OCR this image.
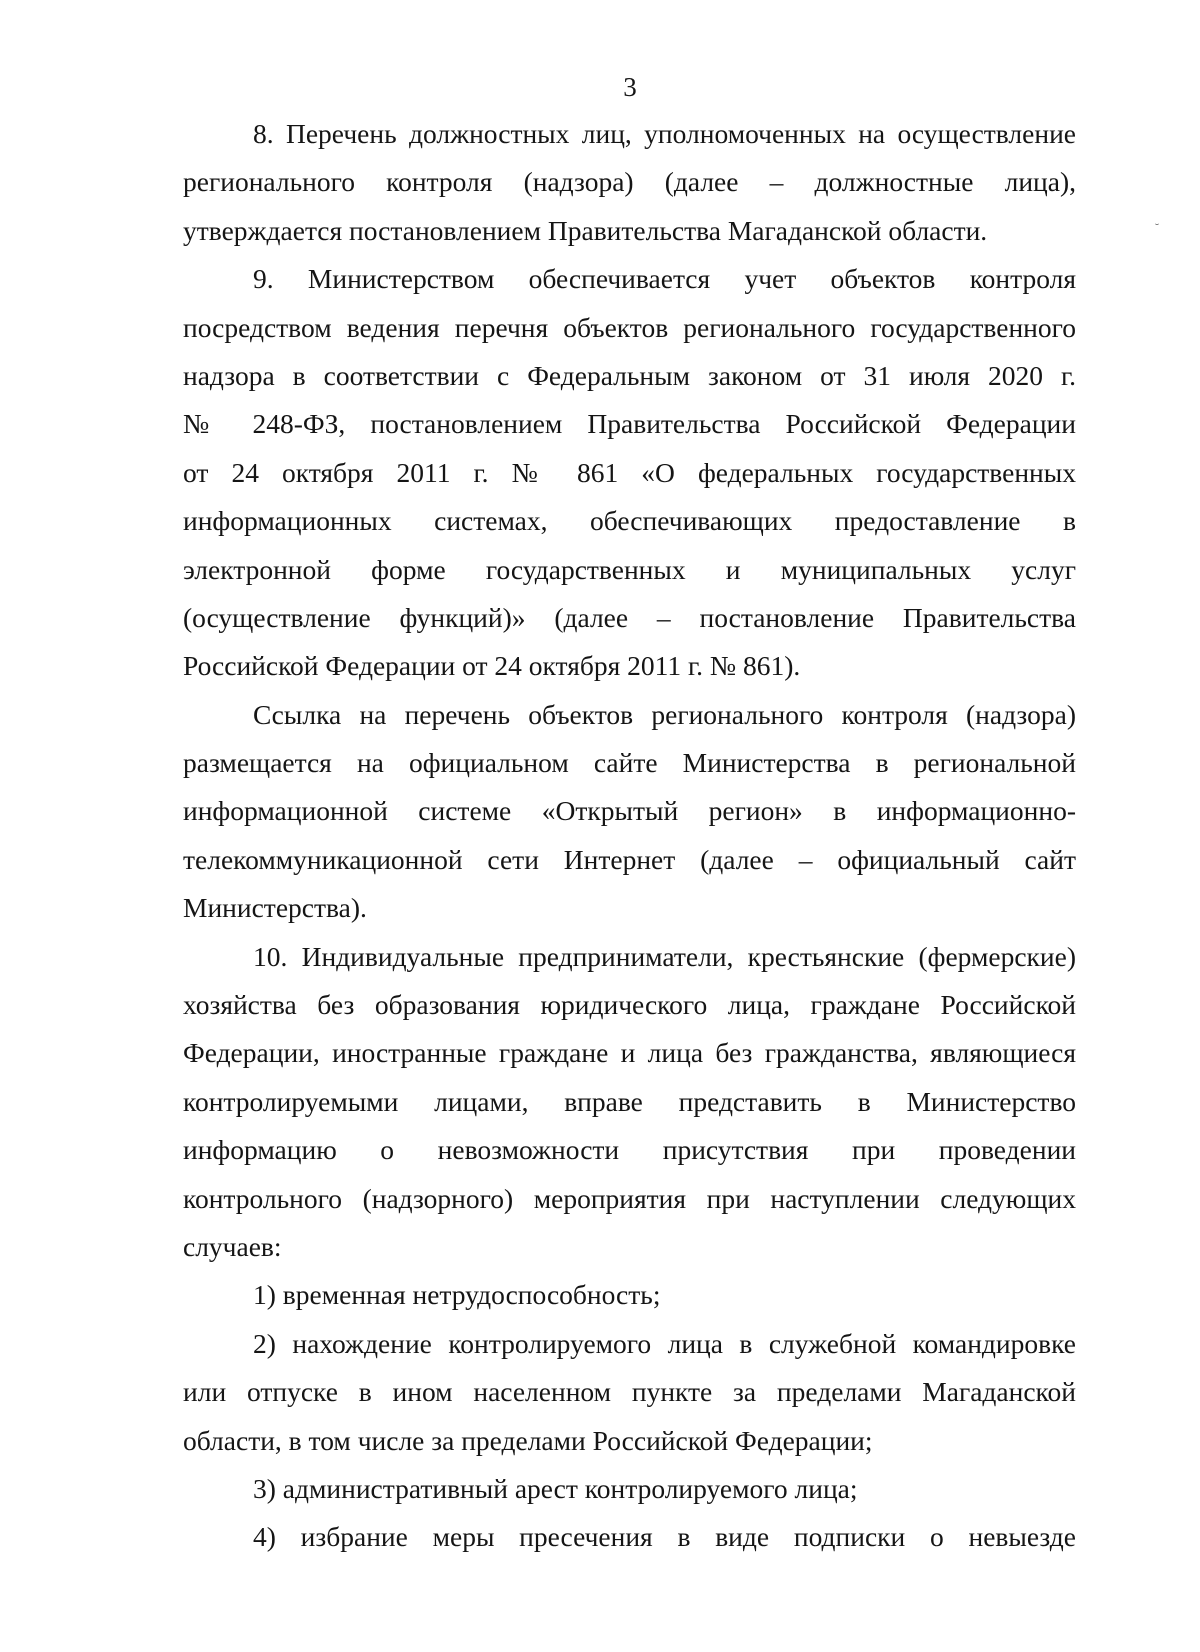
3

8. Перечень должностных лиц, уполномоченных на осуществление
регионального контроля (надзора) (далее – должностные лица),
утверждается постановлением Правительства Магаданской области.

9. Министерством обеспечивается учет объектов контроля
посредством ведения перечня объектов регионального государственного
надзора в соответствии с Федеральным законом от 31 июля 2020 г.
№ 248-ФЗ, постановлением Правительства Российской Федерации
от 24 октября 2011 г. № 861 «О федеральных государственных
информационных системах, обеспечивающих предоставление в
электронной форме государственных и муниципальных услуг
(осуществление функций)» (далее – постановление Правительства
Российской Федерации от 24 октября 2011 г. № 861).

Ссылка на перечень объектов регионального контроля (надзора)
размещается на официальном сайте Министерства в региональной
информационной системе «Открытый регион» в информационно-
телекоммуникационной сети Интернет (далее – официальный сайт
Министерства).

10. Индивидуальные предприниматели, крестьянские (фермерские)
хозяйства без образования юридического лица, граждане Российской
Федерации, иностранные граждане и лица без гражданства, являющиеся
контролируемыми лицами, вправе представить в Министерство
информацию о невозможности присутствия при проведении
контрольного (надзорного) мероприятия при наступлении следующих
случаев:

1) временная нетрудоспособность;

2) нахождение контролируемого лица в служебной командировке
или отпуске в ином населенном пункте за пределами Магаданской
области, в том числе за пределами Российской Федерации;

3) административный арест контролируемого лица;

4) избрание меры пресечения в виде подписки о невыезде
